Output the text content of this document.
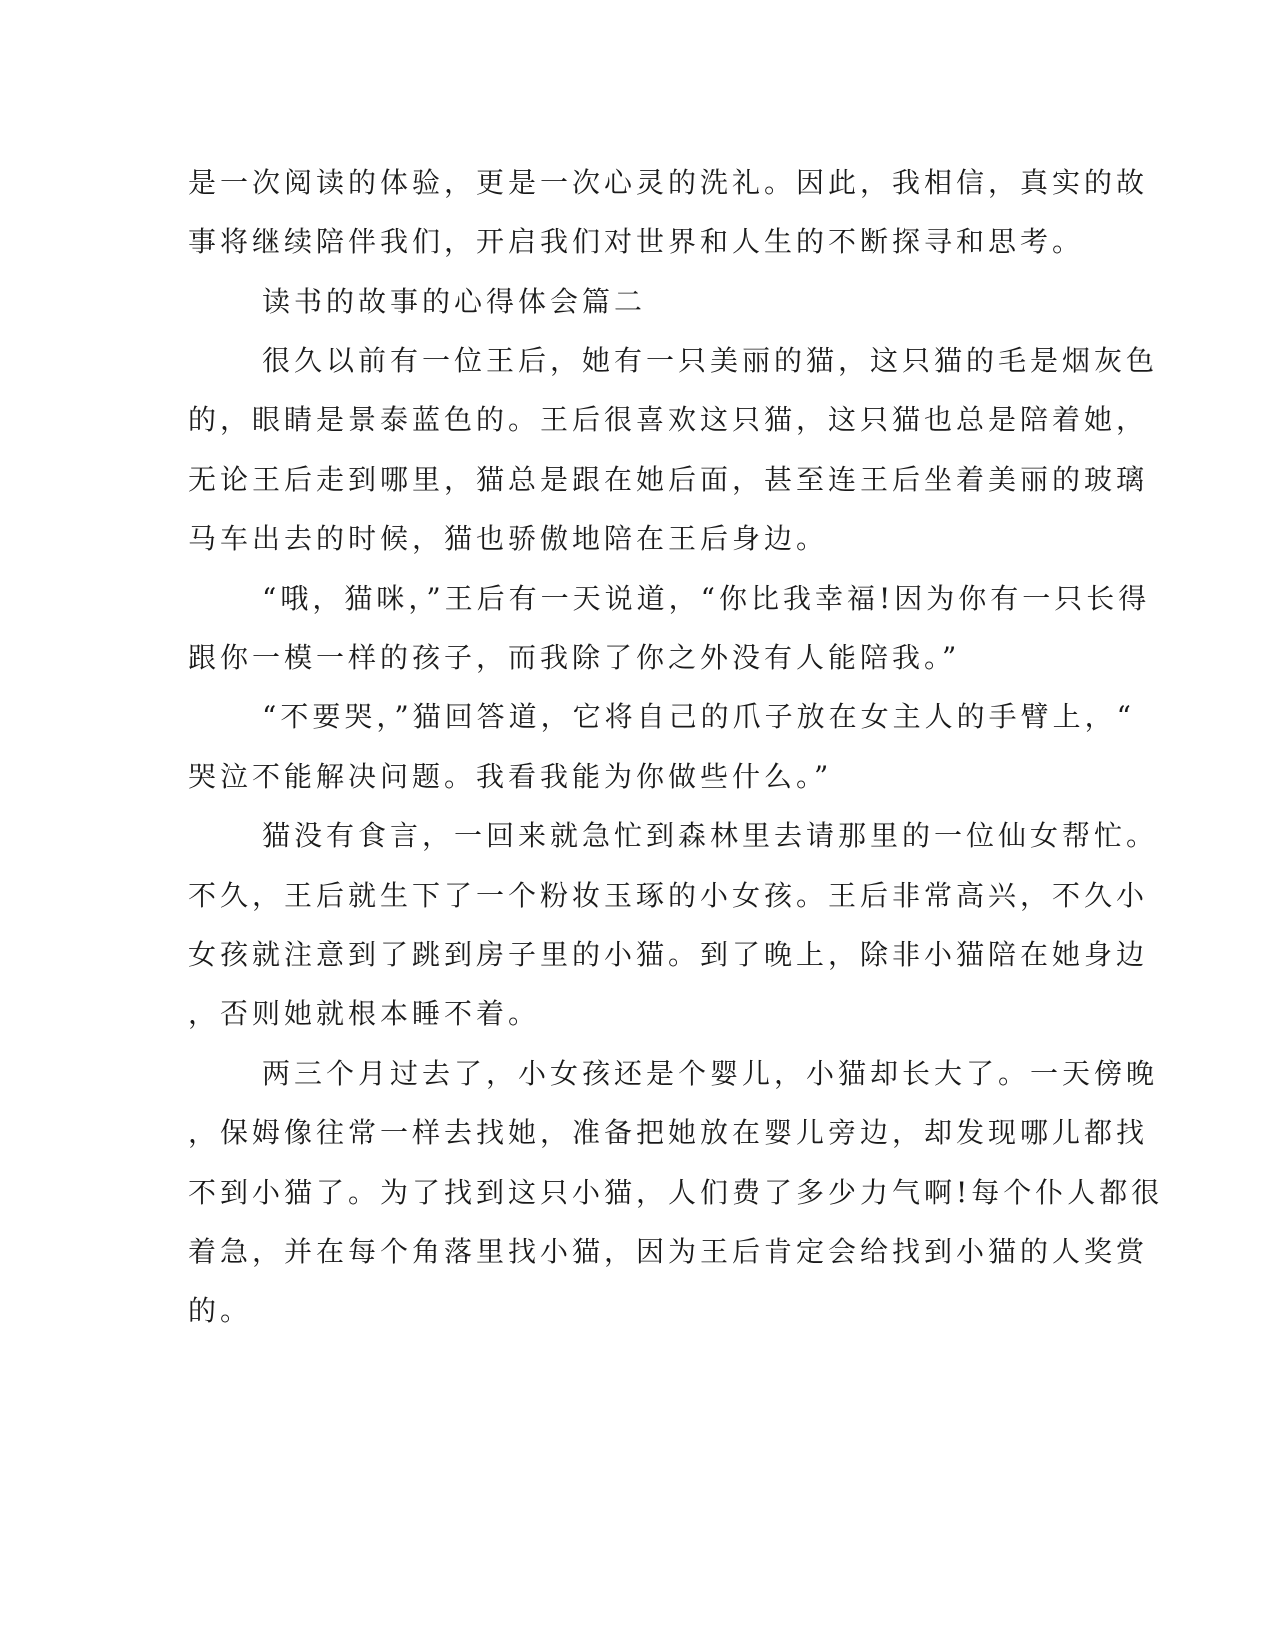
是一次阅读的体验，更是一次心灵的洗礼。因此，我相信，真实的故
事将继续陪伴我们，开启我们对世界和人生的不断探寻和思考。
读书的故事的心得体会篇二
很久以前有一位王后，她有一只美丽的猫，这只猫的毛是烟灰色
的，眼睛是景泰蓝色的。王后很喜欢这只猫，这只猫也总是陪着她，
无论王后走到哪里，猫总是跟在她后面，甚至连王后坐着美丽的玻璃
马车出去的时候，猫也骄傲地陪在王后身边。
“哦，猫咪，”王后有一天说道，“你比我幸福!因为你有一只长得
跟你一模一样的孩子，而我除了你之外没有人能陪我。”
“不要哭，”猫回答道，它将自己的爪子放在女主人的手臂上，“
哭泣不能解决问题。我看我能为你做些什么。”
猫没有食言，一回来就急忙到森林里去请那里的一位仙女帮忙。
不久，王后就生下了一个粉妆玉琢的小女孩。王后非常高兴，不久小
女孩就注意到了跳到房子里的小猫。到了晚上，除非小猫陪在她身边
，否则她就根本睡不着。
两三个月过去了，小女孩还是个婴儿，小猫却长大了。一天傍晚
，保姆像往常一样去找她，准备把她放在婴儿旁边，却发现哪儿都找
不到小猫了。为了找到这只小猫，人们费了多少力气啊!每个仆人都很
着急，并在每个角落里找小猫，因为王后肯定会给找到小猫的人奖赏
的。
